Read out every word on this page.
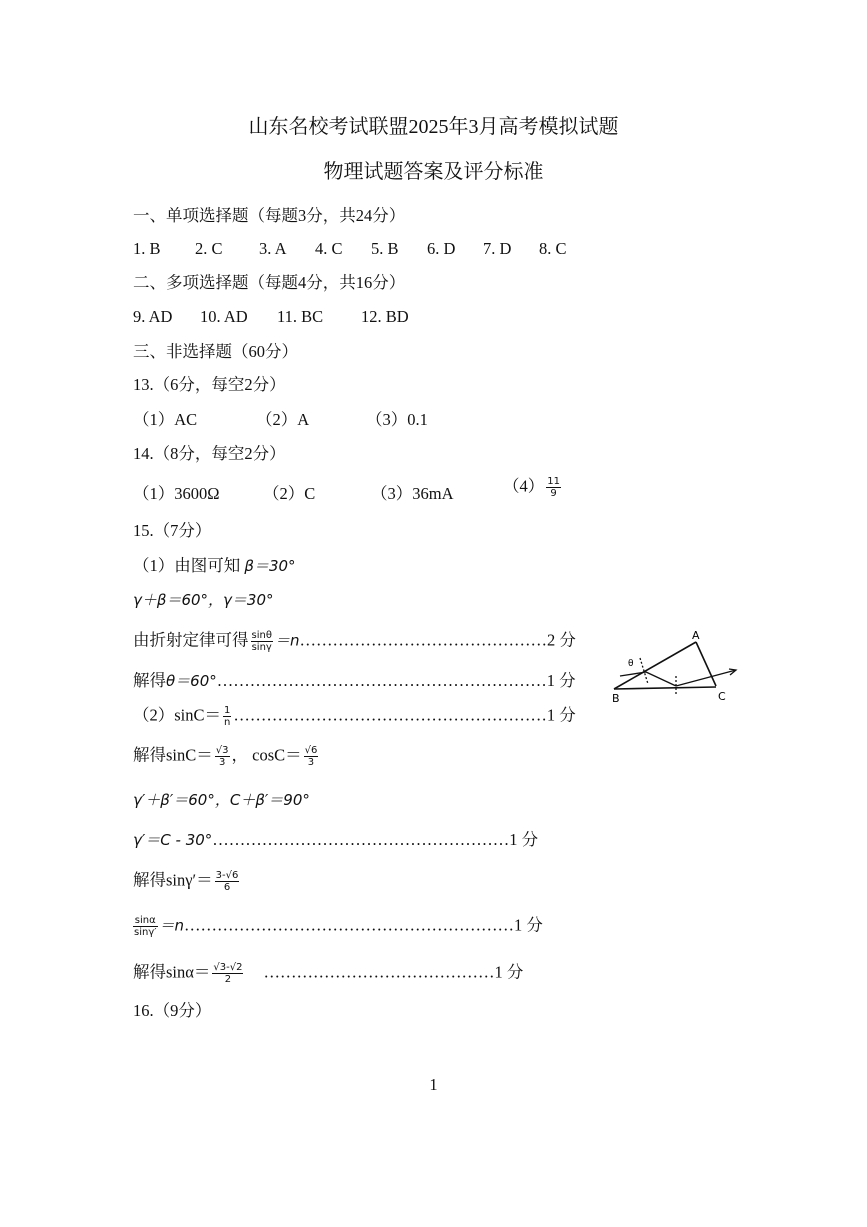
山东名校考试联盟2025年3月高考模拟试题
物理试题答案及评分标准
一、单项选择题（每题3分，共24分）
1. B 2. C 3. A 4. C 5. B 6. D 7. D 8. C
二、多项选择题（每题4分，共16分）
9. AD 10. AD 11. BC 12. BD
三、非选择题（60分）
13.（6分，每空2分）
（1）AC	（2）A	（3）0.1
14.（8分，每空2分）
（1）3600Ω	（2）C	（3）36mA	$(4) \frac{11}{9}$
15.（7分）
（1）由图可知 β＝30°
γ＋β＝60°，γ＝30°
由折射定律可得 $\frac{\sin\theta}{\sin\gamma}$ ＝n………………………………………2 分
解得θ＝60°……………………………………………………1 分
$(2)\sin C= \frac{1}{n}$ …………………………………………………1 分
解得$\sin C= \frac{√3}{3}$ ， $\cos C= \frac{√6}{3}$
γ′＋β′＝60°，C＋β′＝90°
γ′＝C - 30°………………………………………………1 分
解得$\sin\gamma'= \frac{3-√6}{6}$
$\frac{\sin\alpha}{\sin\gamma'}$ ＝n……………………………………………………1 分
解得$\sin\alpha= \frac{√3-√2}{2}$ ……………………………………1 分
16.（9分）
1
A
B	C
θ
